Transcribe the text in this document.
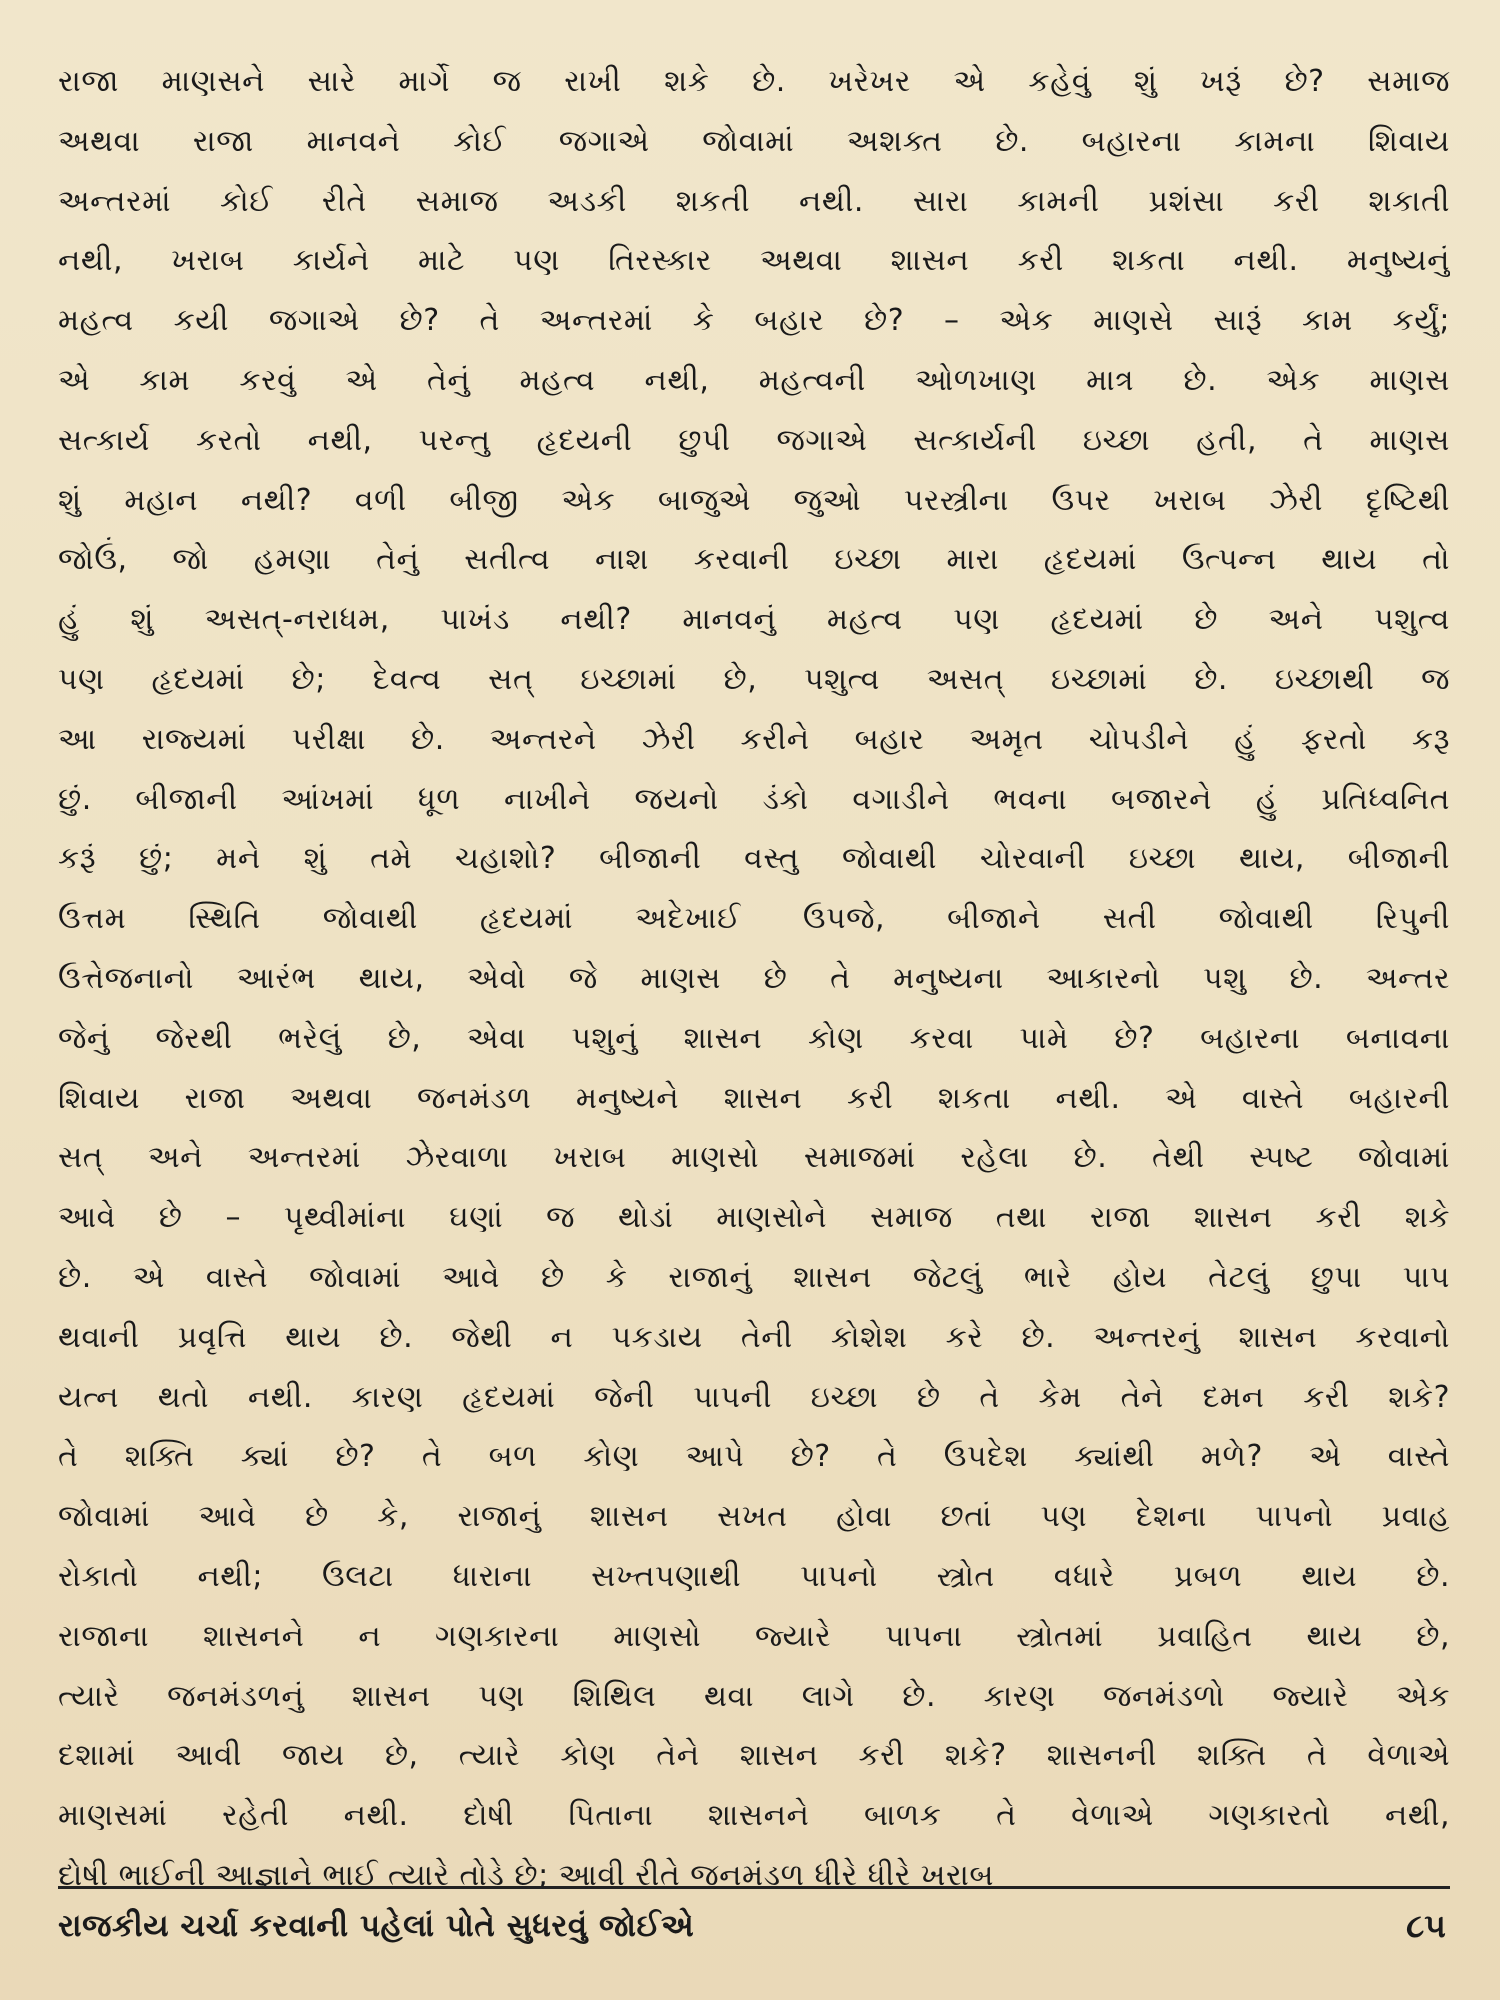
રાજા માણસને સારે માર્ગે જ રાખી શકે છે. ખરેખર એ કહેવું શું ખરૂં છે? સમાજ
અથવા રાજા માનવને કોઈ જગાએ જોવામાં અશક્ત છે. બહારના કામના શિવાય
અન્તરમાં કોઈ રીતે સમાજ અડકી શકતી નથી. સારા કામની પ્રશંસા કરી શકાતી
નથી, ખરાબ કાર્યને માટે પણ તિરસ્કાર અથવા શાસન કરી શકતા નથી. મનુષ્યનું
મહત્વ કયી જગાએ છે? તે અન્તરમાં કે બહાર છે? – એક માણસે સારૂં કામ કર્યું;
એ કામ કરવું એ તેનું મહત્વ નથી, મહત્વની ઓળખાણ માત્ર છે. એક માણસ
સત્કાર્ય કરતો નથી, પરન્તુ હૃદયની છુપી જગાએ સત્કાર્યની ઇચ્છા હતી, તે માણસ
શું મહાન નથી? વળી બીજી એક બાજુએ જુઓ પરસ્ત્રીના ઉપર ખરાબ ઝેરી દૃષ્ટિથી
જોઉં, જો હમણા તેનું સતીત્વ નાશ કરવાની ઇચ્છા મારા હૃદયમાં ઉત્પન્ન થાય તો
હું શું અસત્-નરાધમ, પાખંડ નથી? માનવનું મહત્વ પણ હૃદયમાં છે અને પશુત્વ
પણ હૃદયમાં છે; દેવત્વ સત્ ઇચ્છામાં છે, પશુત્વ અસત્ ઇચ્છામાં છે. ઇચ્છાથી જ
આ રાજ્યમાં પરીક્ષા છે. અન્તરને ઝેરી કરીને બહાર અમૃત ચોપડીને હું ફરતો કરૂ
છું. બીજાની આંખમાં ધૂળ નાખીને જયનો ડંકો વગાડીને ભવના બજારને હું પ્રતિધ્વનિત
કરૂં છું; મને શું તમે ચહાશો? બીજાની વસ્તુ જોવાથી ચોરવાની ઇચ્છા થાય, બીજાની
ઉત્તમ સ્થિતિ જોવાથી હૃદયમાં અદેખાઈ ઉપજે, બીજાને સતી જોવાથી રિપુની
ઉત્તેજનાનો આરંભ થાય, એવો જે માણસ છે તે મનુષ્યના આકારનો પશુ છે. અન્તર
જેનું જેરથી ભરેલું છે, એવા પશુનું શાસન કોણ કરવા પામે છે? બહારના બનાવના
શિવાય રાજા અથવા જનમંડળ મનુષ્યને શાસન કરી શકતા નથી. એ વાસ્તે બહારની
સત્ અને અન્તરમાં ઝેરવાળા ખરાબ માણસો સમાજમાં રહેલા છે. તેથી સ્પષ્ટ જોવામાં
આવે છે – પૃથ્વીમાંના ઘણાં જ થોડાં માણસોને સમાજ તથા રાજા શાસન કરી શકે
છે. એ વાસ્તે જોવામાં આવે છે કે રાજાનું શાસન જેટલું ભારે હોય તેટલું છુપા પાપ
થવાની પ્રવૃત્તિ થાય છે. જેથી ન પકડાય તેની કોશેશ કરે છે. અન્તરનું શાસન કરવાનો
યત્ન થતો નથી. કારણ હૃદયમાં જેની પાપની ઇચ્છા છે તે કેમ તેને દમન કરી શકે?
તે શક્તિ ક્યાં છે? તે બળ કોણ આપે છે? તે ઉપદેશ ક્યાંથી મળે? એ વાસ્તે
જોવામાં આવે છે કે, રાજાનું શાસન સખત હોવા છતાં પણ દેશના પાપનો પ્રવાહ
રોકાતો નથી; ઉલટા ધારાના સખ્તપણાથી પાપનો સ્ત્રોત વધારે પ્રબળ થાય છે.
રાજાના શાસનને ન ગણકારના માણસો જ્યારે પાપના સ્ત્રોતમાં પ્રવાહિત થાય છે,
ત્યારે જનમંડળનું શાસન પણ શિથિલ થવા લાગે છે. કારણ જનમંડળો જ્યારે એક
દશામાં આવી જાય છે, ત્યારે કોણ તેને શાસન કરી શકે? શાસનની શક્તિ તે વેળાએ
માણસમાં રહેતી નથી. દોષી પિતાના શાસનને બાળક તે વેળાએ ગણકારતો નથી,
દોષી ભાઈની આજ્ઞાને ભાઈ ત્યારે તોડે છે; આવી રીતે જનમંડળ ધીરે ધીરે ખરાબ
રાજકીય ચર્ચા કરવાની પહેલાં પોતે સુધરવું જોઈએ	૮૫
